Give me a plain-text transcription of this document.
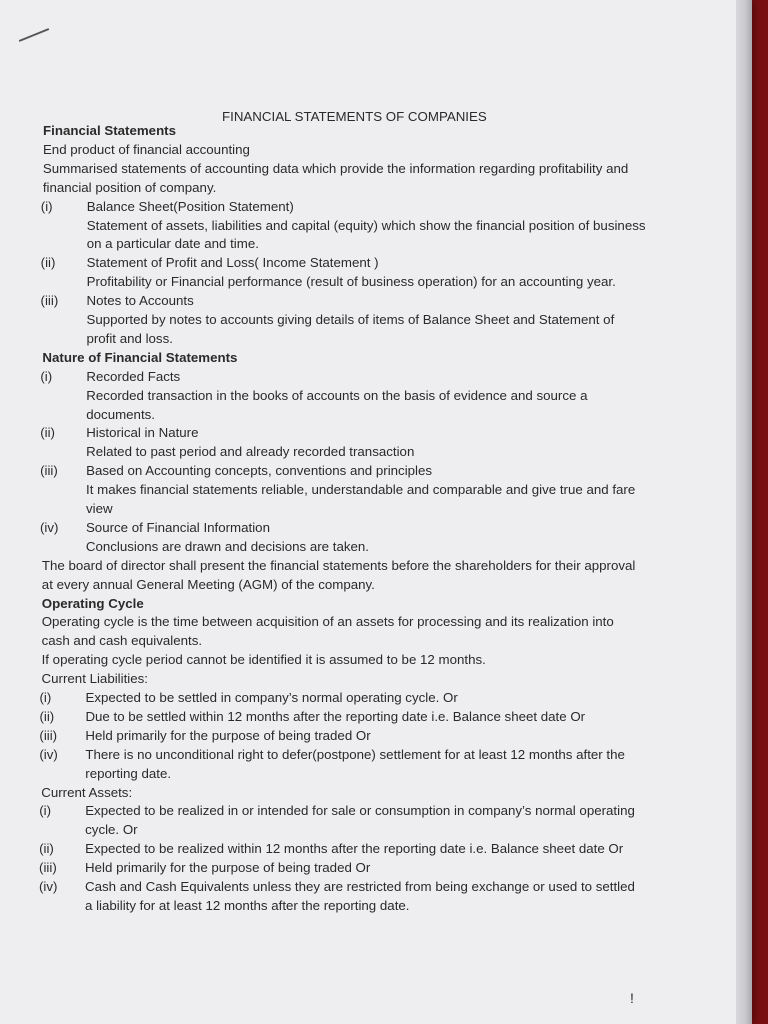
FINANCIAL STATEMENTS OF COMPANIES
Financial Statements
End product of financial accounting
Summarised statements of accounting data which provide the information regarding profitability and
financial position of company.
(i)	Balance Sheet(Position Statement)
Statement of assets, liabilities and capital (equity) which show the financial position of business
on a particular date and time.
(ii) Statement of Profit and Loss( Income Statement )
Profitability or Financial performance (result of business operation) for an accounting year.
(iii) Notes to Accounts
Supported by notes to accounts giving details of items of Balance Sheet and Statement of
profit and loss.
Nature of Financial Statements
(i)	Recorded Facts
Recorded transaction in the books of accounts on the basis of evidence and source a
documents.
(ii) Historical in Nature
Related to past period and already recorded transaction
(iii) Based on Accounting concepts, conventions and principles
It makes financial statements reliable, understandable and comparable and give true and fare
view
(iv) Source of Financial Information
Conclusions are drawn and decisions are taken.
The board of director shall present the financial statements before the shareholders for their approval
at every annual General Meeting (AGM) of the company.
Operating Cycle
Operating cycle is the time between acquisition of an assets for processing and its realization into
cash and cash equivalents.
If operating cycle period cannot be identified it is assumed to be 12 months.
Current Liabilities:
(i)	Expected to be settled in company’s normal operating cycle. Or
(ii) Due to be settled within 12 months after the reporting date i.e. Balance sheet date Or
(iii) Held primarily for the purpose of being traded Or
(iv) There is no unconditional right to defer(postpone) settlement for at least 12 months after the
reporting date.
Current Assets:
(i)	Expected to be realized in or intended for sale or consumption in company’s normal operating
cycle. Or
(ii) Expected to be realized within 12 months after the reporting date i.e. Balance sheet date Or
(iii) Held primarily for the purpose of being traded Or
(iv) Cash and Cash Equivalents unless they are restricted from being exchange or used to settled
a liability for at least 12 months after the reporting date.
!
